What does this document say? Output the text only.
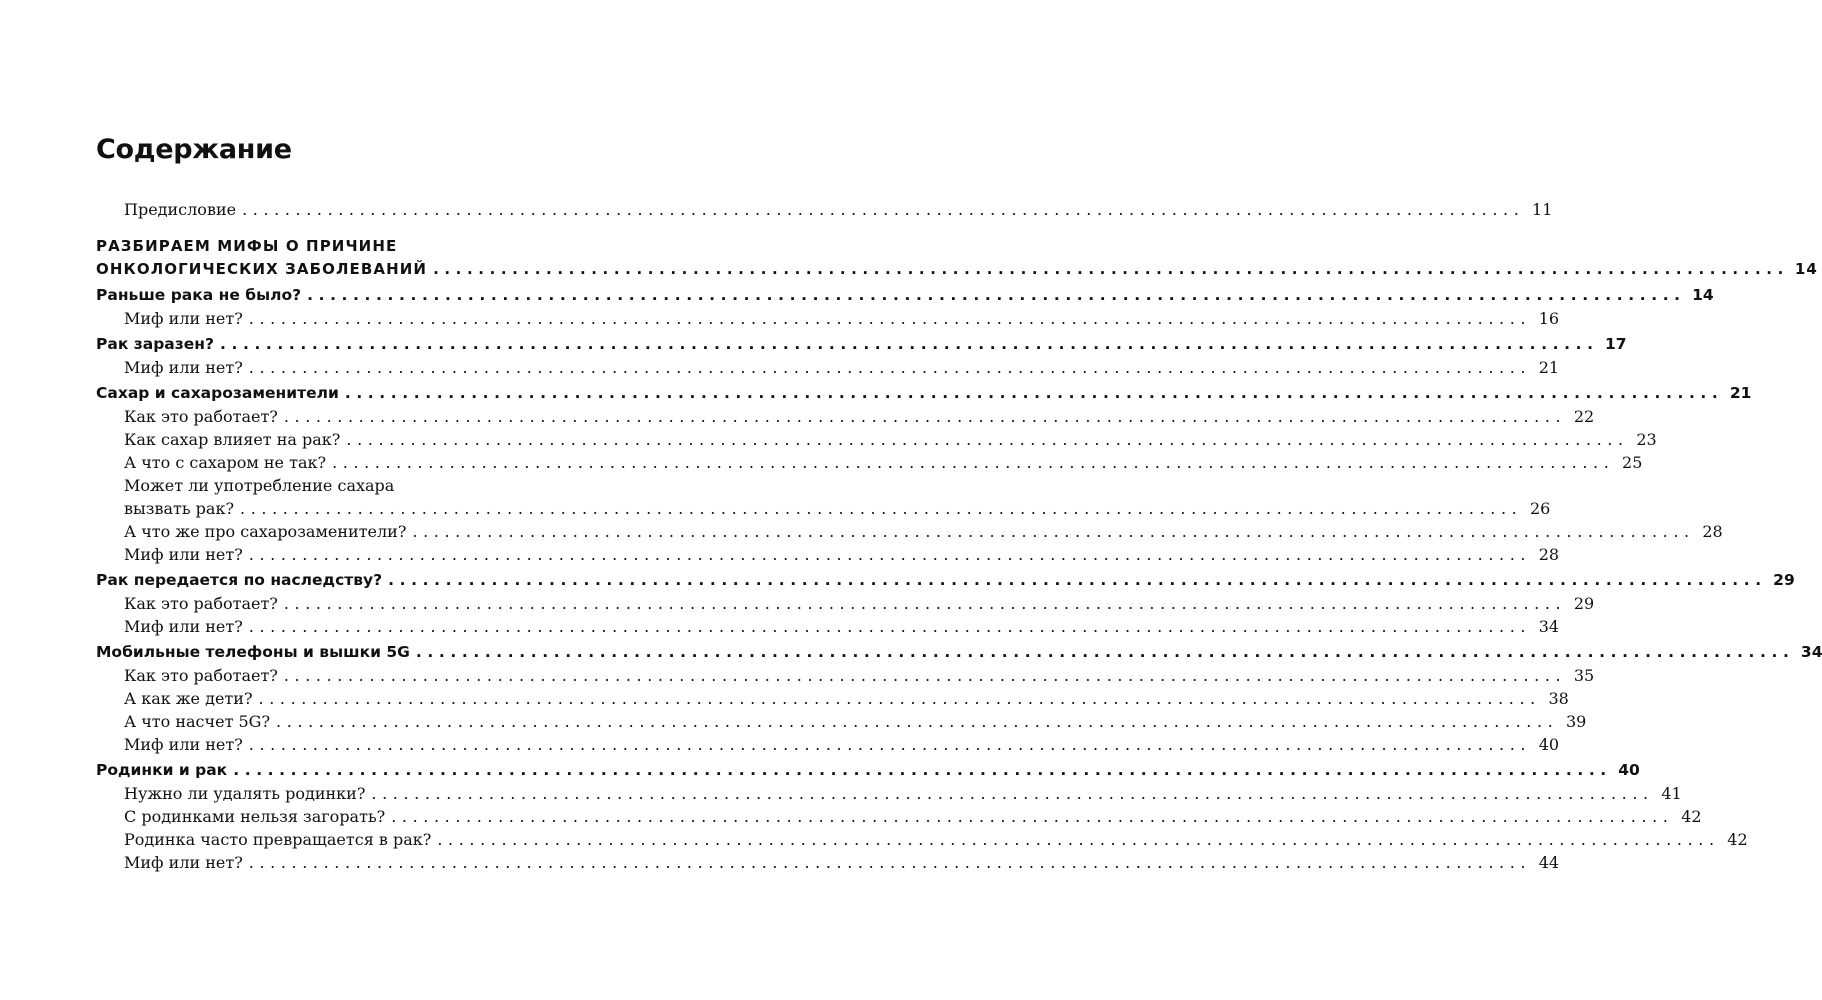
Содержание
Предисловие ........................................................................................................................ 11
РАЗБИРАЕМ МИФЫ О ПРИЧИНЕ
ОНКОЛОГИЧЕСКИХ ЗАБОЛЕВАНИЙ ........................................................................................................................ 14
Раньше рака не было? ........................................................................................................................ 14
Миф или нет? ........................................................................................................................ 16
Рак заразен? ........................................................................................................................ 17
Миф или нет? ........................................................................................................................ 21
Сахар и сахарозаменители ........................................................................................................................ 21
Как это работает? ........................................................................................................................ 22
Как сахар влияет на рак? ........................................................................................................................ 23
А что с сахаром не так? ........................................................................................................................ 25
Может ли употребление сахара
вызвать рак? ........................................................................................................................ 26
А что же про сахарозаменители? ........................................................................................................................ 28
Миф или нет? ........................................................................................................................ 28
Рак передается по наследству? ........................................................................................................................ 29
Как это работает? ........................................................................................................................ 29
Миф или нет? ........................................................................................................................ 34
Мобильные телефоны и вышки 5G ........................................................................................................................ 34
Как это работает? ........................................................................................................................ 35
А как же дети? ........................................................................................................................ 38
А что насчет 5G? ........................................................................................................................ 39
Миф или нет? ........................................................................................................................ 40
Родинки и рак ........................................................................................................................ 40
Нужно ли удалять родинки? ........................................................................................................................ 41
С родинками нельзя загорать? ........................................................................................................................ 42
Родинка часто превращается в рак? ........................................................................................................................ 42
Миф или нет? ........................................................................................................................ 44
